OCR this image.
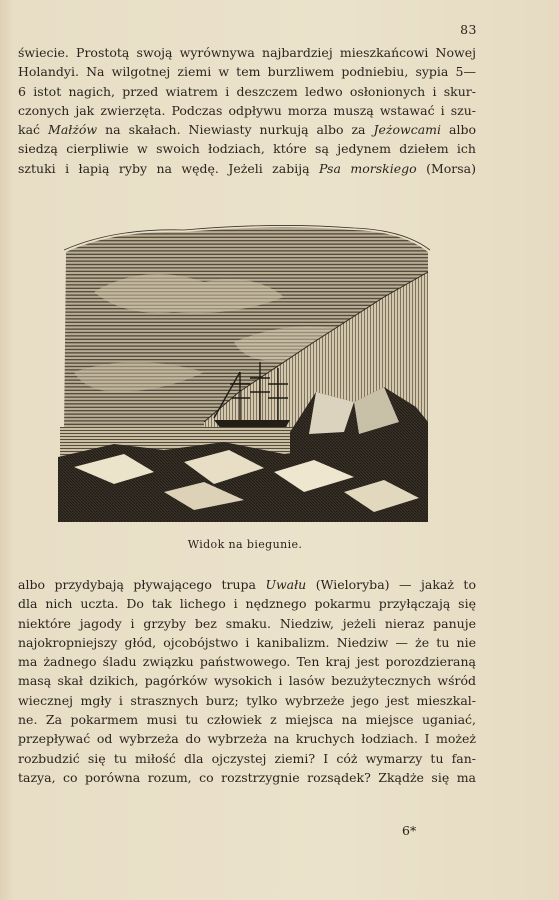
83
świecie. Prostotą swoją wyrównywa najbardziej mieszkańcowi Nowej
Holandyi. Na wilgotnej ziemi w tem burzliwem podniebiu, sypia 5—
6 istot nagich, przed wiatrem i deszczem ledwo osłonionych i skur-
czonych jak zwierzęta. Podczas odpływu morza muszą wstawać i szu-
kać Małżów na skałach. Niewiasty nurkują albo za Jeżowcami albo
siedzą cierpliwie w swoich łodziach, które są jedynem dziełem ich
sztuki i łapią ryby na wędę. Jeżeli zabiją Psa morskiego (Morsa)
Widok na biegunie.
albo przydybają pływającego trupa Uwału (Wieloryba) — jakaż to
dla nich uczta. Do tak lichego i nędznego pokarmu przyłączają się
niektóre jagody i grzyby bez smaku. Niedziw, jeżeli nieraz panuje
najokropniejszy głód, ojcobójstwo i kanibalizm. Niedziw — że tu nie
ma żadnego śladu związku państwowego. Ten kraj jest porozdzieraną
masą skał dzikich, pagórków wysokich i lasów bezużytecznych wśród
wiecznej mgły i strasznych burz; tylko wybrzeże jego jest mieszkal-
ne. Za pokarmem musi tu człowiek z miejsca na miejsce uganiać,
przepływać od wybrzeża do wybrzeża na kruchych łodziach. I możeż
rozbudzić się tu miłość dla ojczystej ziemi? I cóż wymarzy tu fan-
tazya, co porówna rozum, co rozstrzygnie rozsądek? Zkądże się ma
6*
